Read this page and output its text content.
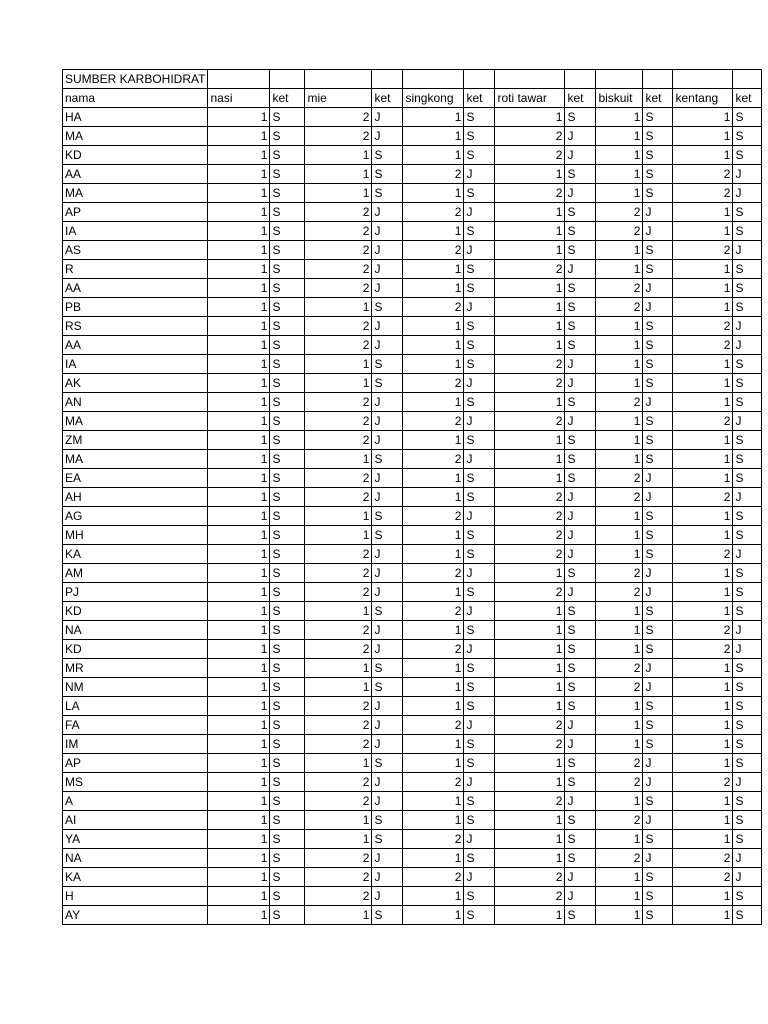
SUMBER KARBOHIDRAT												
nama	nasi	ket	mie	ket	singkong	ket	roti tawar	ket	biskuit	ket	kentang	ket
HA	1	S	2	J	1	S	1	S	1	S	1	S
MA	1	S	2	J	1	S	2	J	1	S	1	S
KD	1	S	1	S	1	S	2	J	1	S	1	S
AA	1	S	1	S	2	J	1	S	1	S	2	J
MA	1	S	1	S	1	S	2	J	1	S	2	J
AP	1	S	2	J	2	J	1	S	2	J	1	S
IA	1	S	2	J	1	S	1	S	2	J	1	S
AS	1	S	2	J	2	J	1	S	1	S	2	J
R	1	S	2	J	1	S	2	J	1	S	1	S
AA	1	S	2	J	1	S	1	S	2	J	1	S
PB	1	S	1	S	2	J	1	S	2	J	1	S
RS	1	S	2	J	1	S	1	S	1	S	2	J
AA	1	S	2	J	1	S	1	S	1	S	2	J
IA	1	S	1	S	1	S	2	J	1	S	1	S
AK	1	S	1	S	2	J	2	J	1	S	1	S
AN	1	S	2	J	1	S	1	S	2	J	1	S
MA	1	S	2	J	2	J	2	J	1	S	2	J
ZM	1	S	2	J	1	S	1	S	1	S	1	S
MA	1	S	1	S	2	J	1	S	1	S	1	S
EA	1	S	2	J	1	S	1	S	2	J	1	S
AH	1	S	2	J	1	S	2	J	2	J	2	J
AG	1	S	1	S	2	J	2	J	1	S	1	S
MH	1	S	1	S	1	S	2	J	1	S	1	S
KA	1	S	2	J	1	S	2	J	1	S	2	J
AM	1	S	2	J	2	J	1	S	2	J	1	S
PJ	1	S	2	J	1	S	2	J	2	J	1	S
KD	1	S	1	S	2	J	1	S	1	S	1	S
NA	1	S	2	J	1	S	1	S	1	S	2	J
KD	1	S	2	J	2	J	1	S	1	S	2	J
MR	1	S	1	S	1	S	1	S	2	J	1	S
NM	1	S	1	S	1	S	1	S	2	J	1	S
LA	1	S	2	J	1	S	1	S	1	S	1	S
FA	1	S	2	J	2	J	2	J	1	S	1	S
IM	1	S	2	J	1	S	2	J	1	S	1	S
AP	1	S	1	S	1	S	1	S	2	J	1	S
MS	1	S	2	J	2	J	1	S	2	J	2	J
A	1	S	2	J	1	S	2	J	1	S	1	S
AI	1	S	1	S	1	S	1	S	2	J	1	S
YA	1	S	1	S	2	J	1	S	1	S	1	S
NA	1	S	2	J	1	S	1	S	2	J	2	J
KA	1	S	2	J	2	J	2	J	1	S	2	J
H	1	S	2	J	1	S	2	J	1	S	1	S
AY	1	S	1	S	1	S	1	S	1	S	1	S
